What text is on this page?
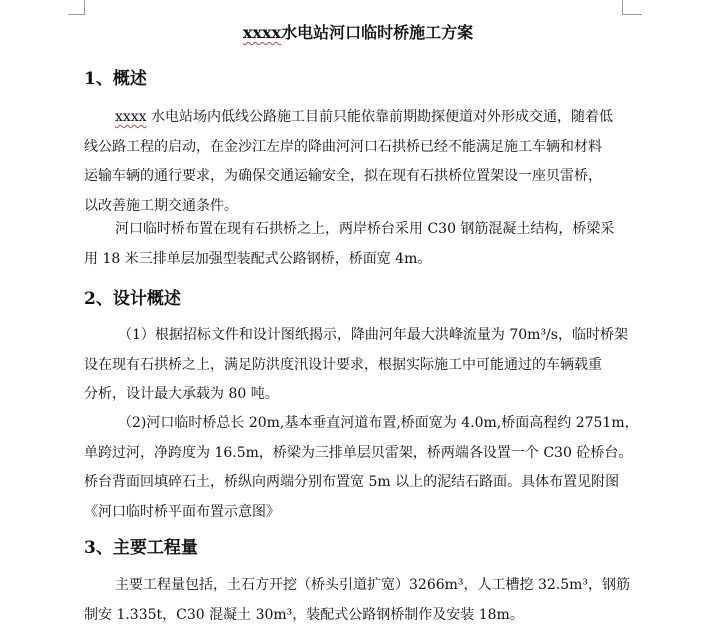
xxxx水电站河口临时桥施工方案
1、概述
xxxx 水电站场内低线公路施工目前只能依靠前期勘探便道对外形成交通，随着低
线公路工程的启动，在金沙江左岸的降曲河河口石拱桥已经不能满足施工车辆和材料
运输车辆的通行要求，为确保交通运输安全，拟在现有石拱桥位置架设一座贝雷桥，
以改善施工期交通条件。
河口临时桥布置在现有石拱桥之上，两岸桥台采用 C30 钢筋混凝土结构，桥梁采
用 18 米三排单层加强型装配式公路钢桥，桥面宽 4m。
2、设计概述
（1）根据招标文件和设计图纸揭示，降曲河年最大洪峰流量为 70m³/s，临时桥架
设在现有石拱桥之上，满足防洪度汛设计要求，根据实际施工中可能通过的车辆载重
分析，设计最大承载为 80 吨。
（2)河口临时桥总长 20m,基本垂直河道布置,桥面宽为 4.0m,桥面高程约 2751m，
单跨过河，净跨度为 16.5m，桥梁为三排单层贝雷架，桥两端各设置一个 C30 砼桥台。
桥台背面回填碎石土，桥纵向两端分别布置宽 5m 以上的泥结石路面。具体布置见附图
《河口临时桥平面布置示意图》
3、主要工程量
主要工程量包括，土石方开挖（桥头引道扩宽）3266m³，人工槽挖 32.5m³，钢筋
制安 1.335t，C30 混凝土 30m³，装配式公路钢桥制作及安装 18m。
